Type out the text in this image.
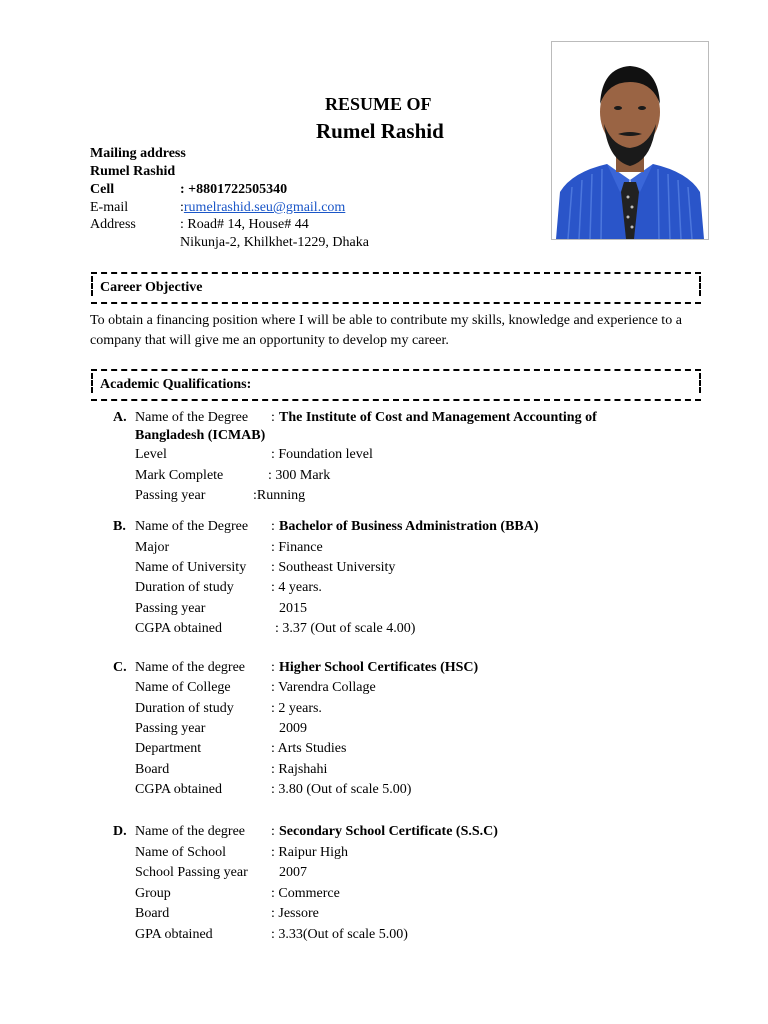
RESUME OF
Rumel Rashid
Mailing address
Rumel Rashid
Cell	: +8801722505340
E-mail	:rumelrashid.seu@gmail.com
Address	: Road# 14, House# 44
Nikunja-2, Khilkhet-1229, Dhaka
Career Objective
To obtain a financing position where I will be able to contribute my skills, knowledge and experience to a company that will give me an opportunity to develop my career.
Academic Qualifications:
A. Name of the Degree : The Institute of Cost and Management Accounting of
Bangladesh (ICMAB)
Level	: Foundation level
Mark Complete	: 300 Mark
Passing year	:Running
B. Name of the Degree : Bachelor of Business Administration (BBA)
Major	: Finance
Name of University : Southeast University
Duration of study	: 4 years.
Passing year	2015
CGPA obtained	: 3.37 (Out of scale 4.00)
C. Name of the degree : Higher School Certificates (HSC)
Name of College	: Varendra Collage
Duration of study	: 2 years.
Passing year	2009
Department	: Arts Studies
Board	: Rajshahi
CGPA obtained	: 3.80 (Out of scale 5.00)
D. Name of the degree : Secondary School Certificate (S.S.C)
Name of School	: Raipur High
School Passing year 2007
Group	: Commerce
Board	: Jessore
GPA obtained	: 3.33(Out of scale 5.00)
